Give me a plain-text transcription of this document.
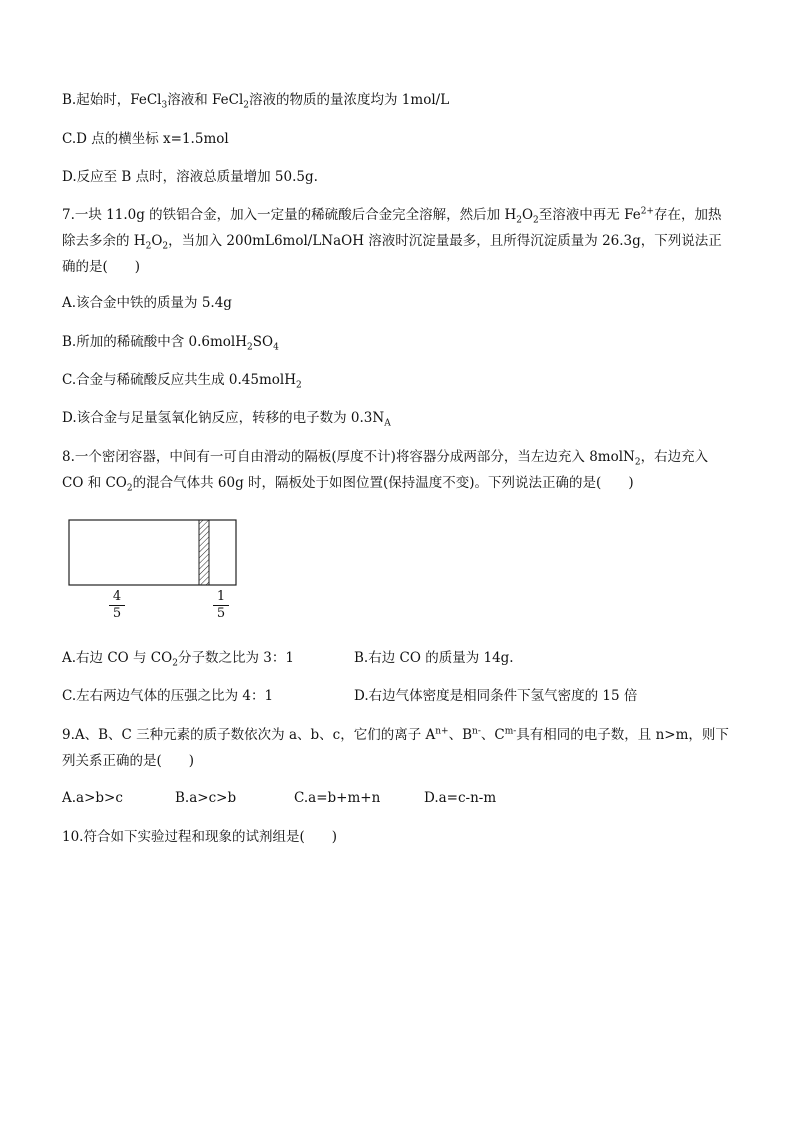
B.起始时，FeCl$_3$溶液和 FeCl$_2$溶液的物质的量浓度均为 1mol/L
C.D 点的横坐标 x=1.5mol
D.反应至 B 点时，溶液总质量增加 50.5g.
7.一块 11.0g 的铁铝合金，加入一定量的稀硫酸后合金完全溶解，然后加 $H_2O_2$至溶液中再无 $Fe^{2+}$存在，加热除去多余的 $H_2O_2$，当加入 200mL6mol/LNaOH 溶液时沉淀量最多，且所得沉淀质量为 26.3g，下列说法正确的是(　　)
A.该合金中铁的质量为 5.4g
B.所加的稀硫酸中含 $0.6molH_2SO_4$
C.合金与稀硫酸反应共生成 0.45molH$_2$
D.该合金与足量氢氧化钠反应，转移的电子数为 $0.3N_A$
8.一个密闭容器，中间有一可自由滑动的隔板(厚度不计)将容器分成两部分，当左边充入 8molN$_2$，右边充入 CO 和 $CO_2$的混合气体共 60g 时，隔板处于如图位置(保持温度不变)。下列说法正确的是(　　)
$\frac{4}{5}$	$\frac{1}{5}$
A.右边 CO 与 $CO_2$分子数之比为 3：1	B.右边 CO 的质量为 14g.
C.左右两边气体的压强之比为 4：1	D.右边气体密度是相同条件下氢气密度的 15 倍
9.A、B、C 三种元素的质子数依次为 a、b、c，它们的离子 $A^{n+}$、$B^{n-}$、$C^{m-}$具有相同的电子数，且 n>m，则下列关系正确的是(　　)
A.a>b>c	B.a>c>b	C.a=b+m+n	D.a=c-n-m
10.符合如下实验过程和现象的试剂组是(　　)
